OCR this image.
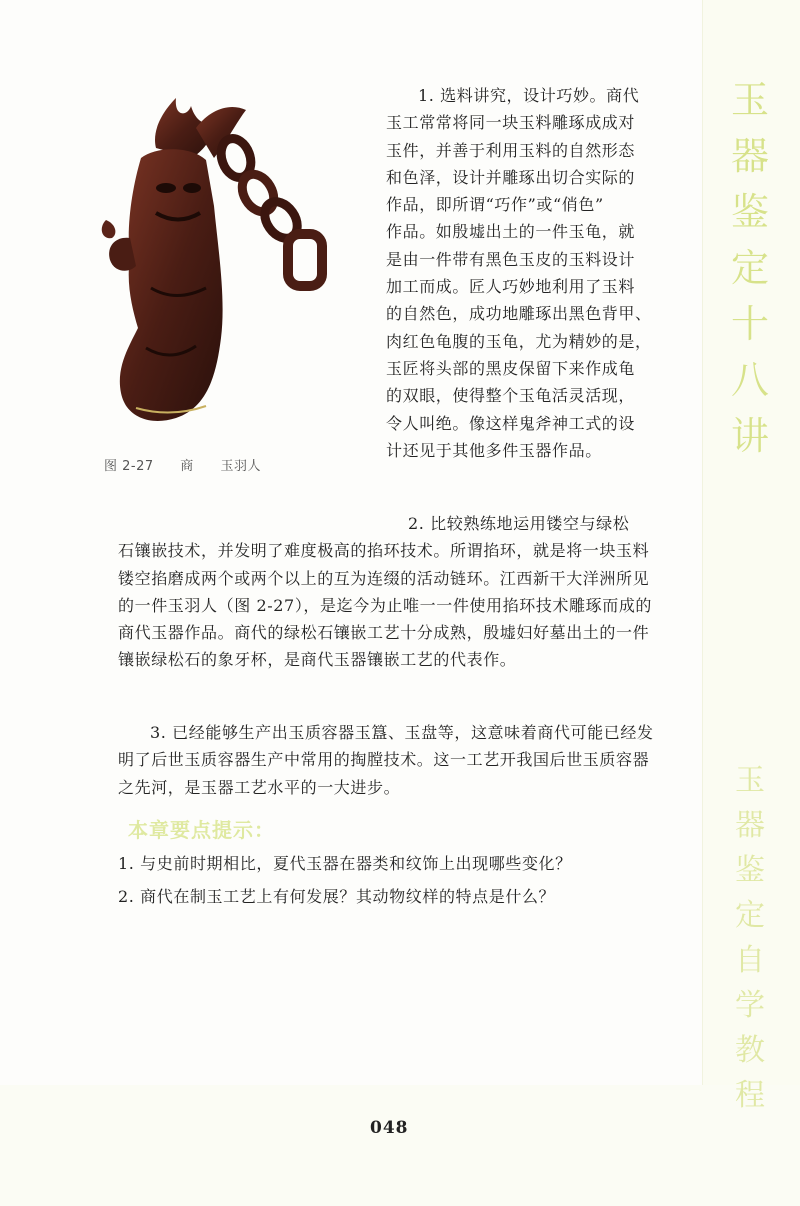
玉
器
鉴
定
十
八
讲
玉
器
鉴
定
自
学
教
程
图 2-27 商 玉羽人
1. 选料讲究，设计巧妙。商代
玉工常常将同一块玉料雕琢成成对
玉件，并善于利用玉料的自然形态
和色泽，设计并雕琢出切合实际的
作品，即所谓“巧作”或“俏色”
作品。如殷墟出土的一件玉龟，就
是由一件带有黑色玉皮的玉料设计
加工而成。匠人巧妙地利用了玉料
的自然色，成功地雕琢出黑色背甲、
肉红色龟腹的玉龟，尤为精妙的是，
玉匠将头部的黑皮保留下来作成龟
的双眼，使得整个玉龟活灵活现，
令人叫绝。像这样鬼斧神工式的设
计还见于其他多件玉器作品。
2. 比较熟练地运用镂空与绿松
石镶嵌技术，并发明了难度极高的掐环技术。所谓掐环，就是将一块玉料
镂空掐磨成两个或两个以上的互为连缀的活动链环。江西新干大洋洲所见
的一件玉羽人（图 2-27），是迄今为止唯一一件使用掐环技术雕琢而成的
商代玉器作品。商代的绿松石镶嵌工艺十分成熟，殷墟妇好墓出土的一件
镶嵌绿松石的象牙杯，是商代玉器镶嵌工艺的代表作。
3. 已经能够生产出玉质容器玉簋、玉盘等，这意味着商代可能已经发
明了后世玉质容器生产中常用的掏膛技术。这一工艺开我国后世玉质容器
之先河，是玉器工艺水平的一大进步。
本章要点提示：
1. 与史前时期相比，夏代玉器在器类和纹饰上出现哪些变化？
2. 商代在制玉工艺上有何发展？其动物纹样的特点是什么？
048
